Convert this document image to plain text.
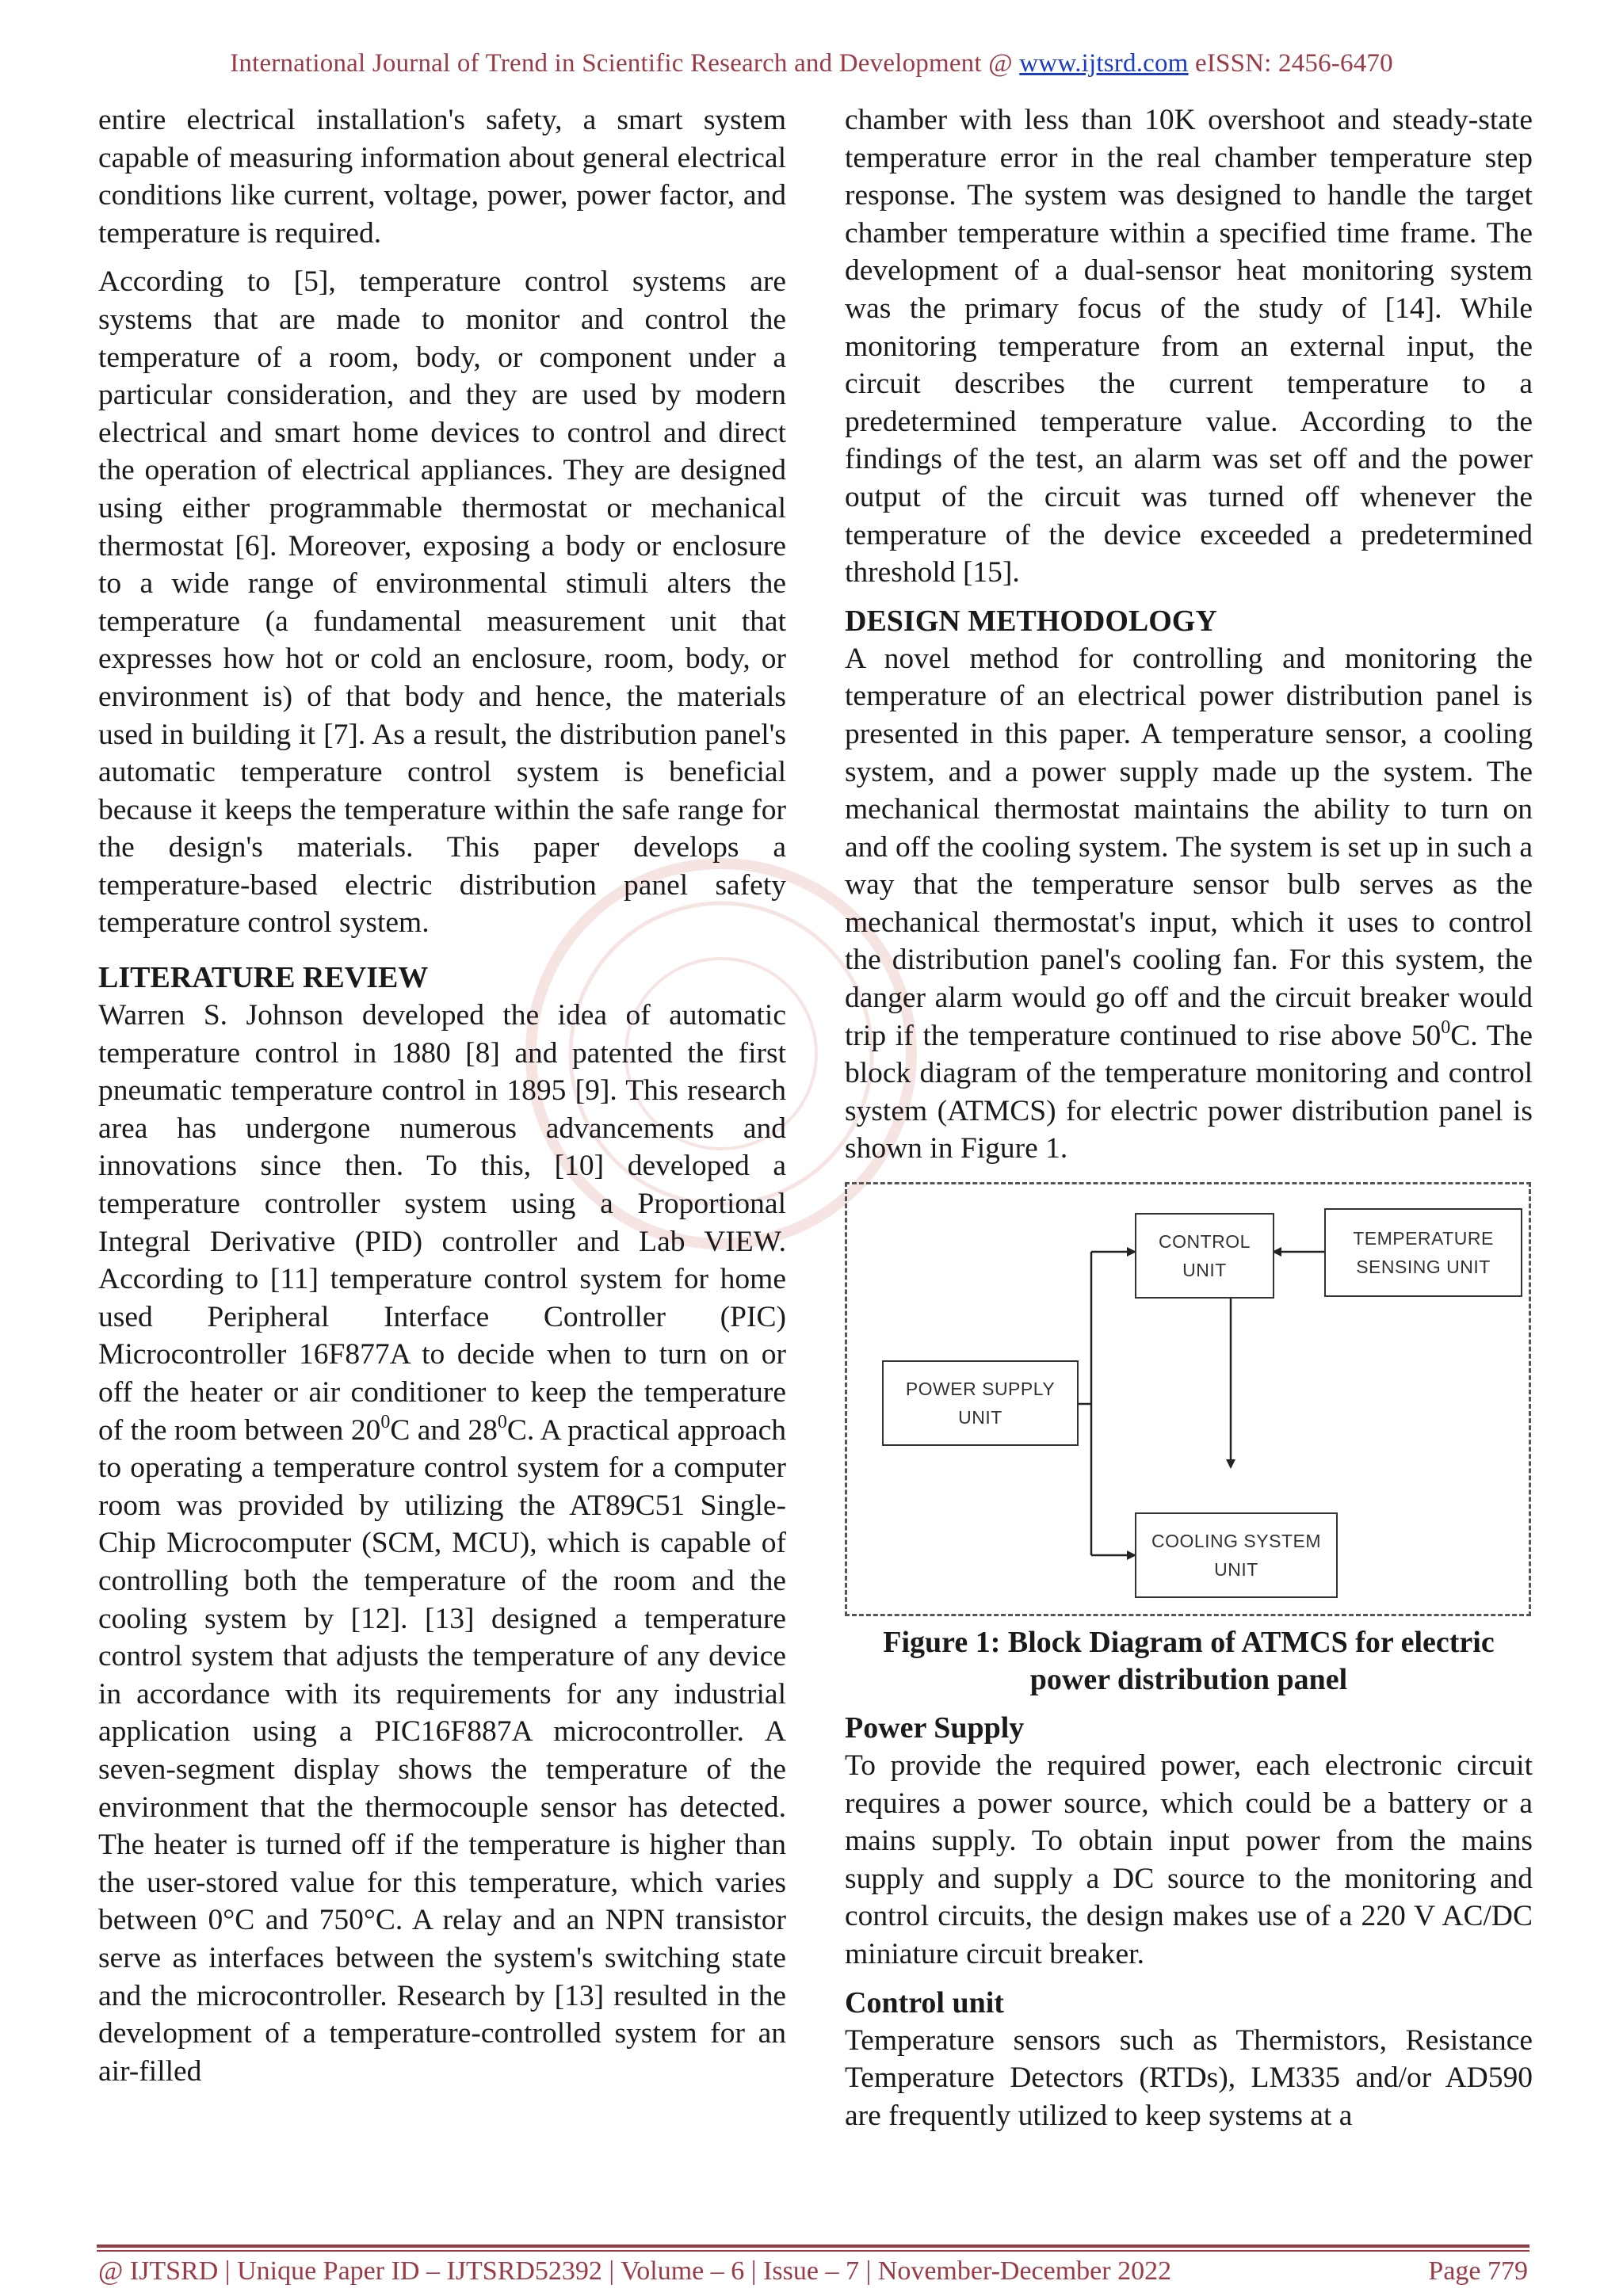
International Journal of Trend in Scientific Research and Development @ www.ijtsrd.com eISSN: 2456-6470

entire electrical installation's safety, a smart system capable of measuring information about general electrical conditions like current, voltage, power, power factor, and temperature is required.

According to [5], temperature control systems are systems that are made to monitor and control the temperature of a room, body, or component under a particular consideration, and they are used by modern electrical and smart home devices to control and direct the operation of electrical appliances. They are designed using either programmable thermostat or mechanical thermostat [6]. Moreover, exposing a body or enclosure to a wide range of environmental stimuli alters the temperature (a fundamental measurement unit that expresses how hot or cold an enclosure, room, body, or environment is) of that body and hence, the materials used in building it [7]. As a result, the distribution panel's automatic temperature control system is beneficial because it keeps the temperature within the safe range for the design's materials. This paper develops a temperature-based electric distribution panel safety temperature control system.

LITERATURE REVIEW

Warren S. Johnson developed the idea of automatic temperature control in 1880 [8] and patented the first pneumatic temperature control in 1895 [9]. This research area has undergone numerous advancements and innovations since then. To this, [10] developed a temperature controller system using a Proportional Integral Derivative (PID) controller and Lab VIEW. According to [11] temperature control system for home used Peripheral Interface Controller (PIC) Microcontroller 16F877A to decide when to turn on or off the heater or air conditioner to keep the temperature of the room between $20^0C$ and $28^0C$. A practical approach to operating a temperature control system for a computer room was provided by utilizing the AT89C51 Single-Chip Microcomputer (SCM, MCU), which is capable of controlling both the temperature of the room and the cooling system by [12]. [13] designed a temperature control system that adjusts the temperature of any device in accordance with its requirements for any industrial application using a PIC16F887A microcontroller. A seven-segment display shows the temperature of the environment that the thermocouple sensor has detected. The heater is turned off if the temperature is higher than the user-stored value for this temperature, which varies between 0°C and 750°C. A relay and an NPN transistor serve as interfaces between the system's switching state and the microcontroller. Research by [13] resulted in the development of a temperature-controlled system for an air-filled

chamber with less than 10K overshoot and steady-state temperature error in the real chamber temperature step response. The system was designed to handle the target chamber temperature within a specified time frame. The development of a dual-sensor heat monitoring system was the primary focus of the study of [14]. While monitoring temperature from an external input, the circuit describes the current temperature to a predetermined temperature value. According to the findings of the test, an alarm was set off and the power output of the circuit was turned off whenever the temperature of the device exceeded a predetermined threshold [15].

DESIGN METHODOLOGY

A novel method for controlling and monitoring the temperature of an electrical power distribution panel is presented in this paper. A temperature sensor, a cooling system, and a power supply made up the system. The mechanical thermostat maintains the ability to turn on and off the cooling system. The system is set up in such a way that the temperature sensor bulb serves as the mechanical thermostat's input, which it uses to control the distribution panel's cooling fan. For this system, the danger alarm would go off and the circuit breaker would trip if the temperature continued to rise above $50^0C$. The block diagram of the temperature monitoring and control system (ATMCS) for electric power distribution panel is shown in Figure 1.

CONTROL
UNIT
TEMPERATURE
SENSING UNIT
POWER SUPPLY
UNIT
COOLING SYSTEM
UNIT
Figure 1: Block Diagram of ATMCS for electric
power distribution panel
Power Supply

To provide the required power, each electronic circuit requires a power source, which could be a battery or a mains supply. To obtain input power from the mains supply and supply a DC source to the monitoring and control circuits, the design makes use of a 220 V AC/DC miniature circuit breaker.

Control unit

Temperature sensors such as Thermistors, Resistance Temperature Detectors (RTDs), LM335 and/or AD590 are frequently utilized to keep systems at a

@ IJTSRD | Unique Paper ID – IJTSRD52392 | Volume – 6 | Issue – 7 | November-December 2022	Page 779
